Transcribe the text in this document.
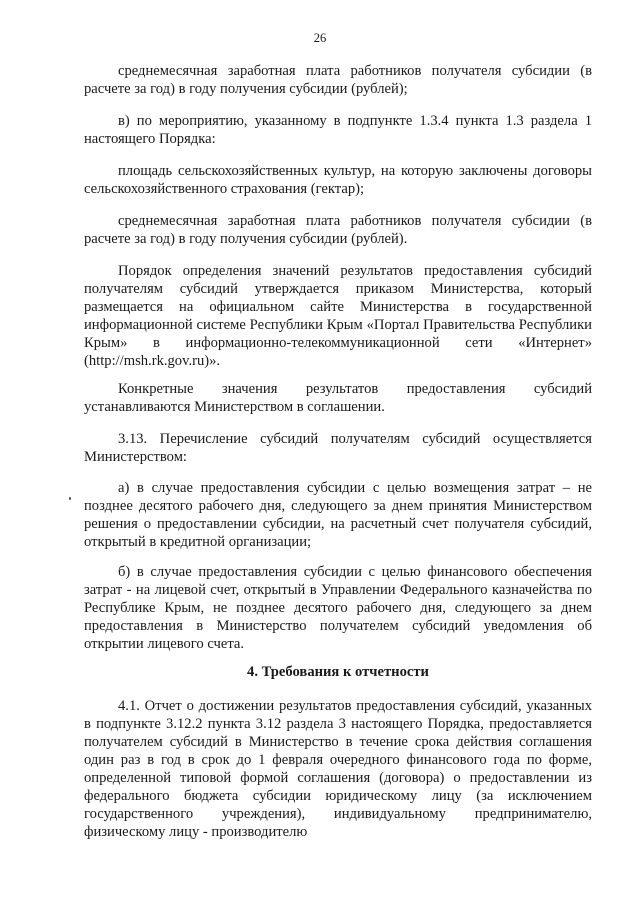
26

среднемесячная заработная плата работников получателя субсидии (в расчете за год) в году получения субсидии (рублей);

в) по мероприятию, указанному в подпункте 1.3.4 пункта 1.3 раздела 1 настоящего Порядка:

площадь сельскохозяйственных культур, на которую заключены договоры сельскохозяйственного страхования (гектар);

среднемесячная заработная плата работников получателя субсидии (в расчете за год) в году получения субсидии (рублей).

Порядок определения значений результатов предоставления субсидий получателям субсидий утверждается приказом Министерства, который размещается на официальном сайте Министерства в государственной информационной системе Республики Крым «Портал Правительства Республики Крым» в информационно-телекоммуникационной сети «Интернет» (http://msh.rk.gov.ru)».

Конкретные значения результатов предоставления субсидий устанавливаются Министерством в соглашении.

3.13. Перечисление субсидий получателям субсидий осуществляется Министерством:

а) в случае предоставления субсидии с целью возмещения затрат – не позднее десятого рабочего дня, следующего за днем принятия Министерством решения о предоставлении субсидии, на расчетный счет получателя субсидий, открытый в кредитной организации;

б) в случае предоставления субсидии с целью финансового обеспечения затрат - на лицевой счет, открытый в Управлении Федерального казначейства по Республике Крым, не позднее десятого рабочего дня, следующего за днем предоставления в Министерство получателем субсидий уведомления об открытии лицевого счета.

4. Требования к отчетности

4.1. Отчет о достижении результатов предоставления субсидий, указанных в подпункте 3.12.2 пункта 3.12 раздела 3 настоящего Порядка, предоставляется получателем субсидий в Министерство в течение срока действия соглашения один раз в год в срок до 1 февраля очередного финансового года по форме, определенной типовой формой соглашения (договора) о предоставлении из федерального бюджета субсидии юридическому лицу (за исключением государственного учреждения), индивидуальному предпринимателю, физическому лицу - производителю
